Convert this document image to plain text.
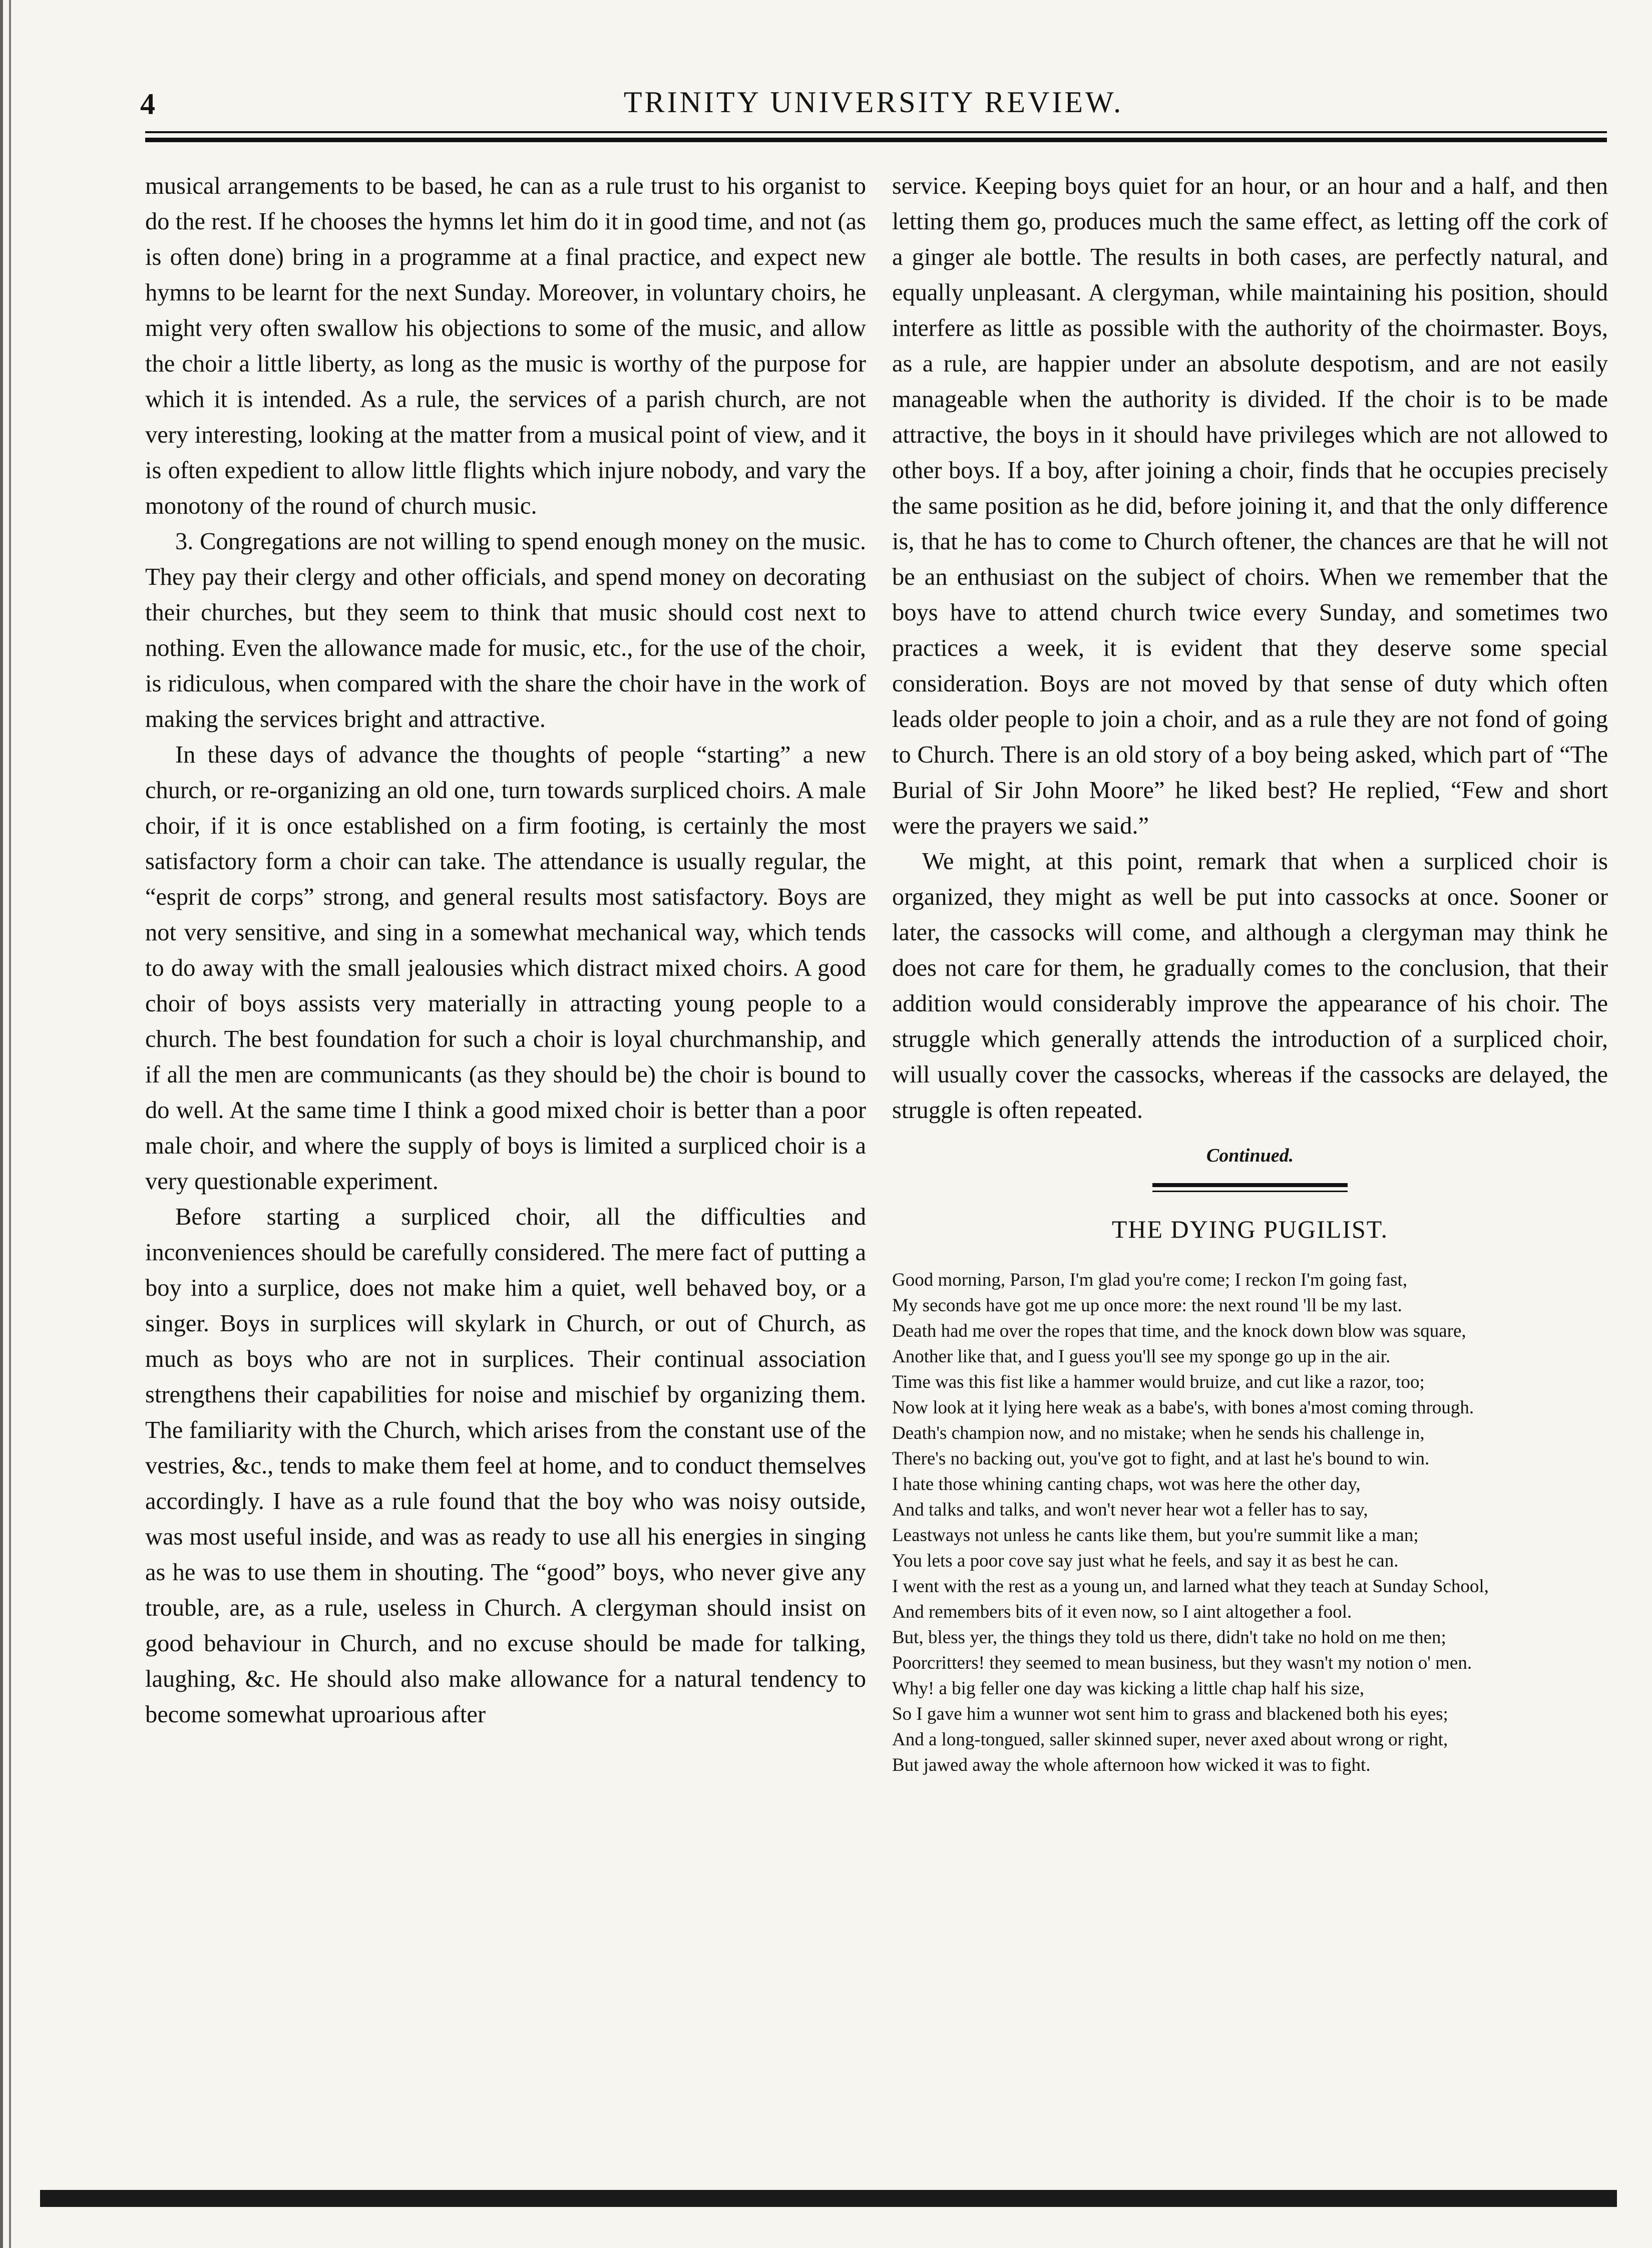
4	TRINITY UNIVERSITY REVIEW.

musical arrangements to be based, he can as a rule trust to his organist to do the rest. If he chooses the hymns let him do it in good time, and not (as is often done) bring in a programme at a final practice, and expect new hymns to be learnt for the next Sunday. Moreover, in voluntary choirs, he might very often swallow his objections to some of the music, and allow the choir a little liberty, as long as the music is worthy of the purpose for which it is intended. As a rule, the services of a parish church, are not very interesting, looking at the matter from a musical point of view, and it is often expedient to allow little flights which injure nobody, and vary the monotony of the round of church music.

3. Congregations are not willing to spend enough money on the music. They pay their clergy and other officials, and spend money on decorating their churches, but they seem to think that music should cost next to nothing. Even the allowance made for music, etc., for the use of the choir, is ridiculous, when compared with the share the choir have in the work of making the services bright and attractive.

In these days of advance the thoughts of people “starting” a new church, or re-organizing an old one, turn towards surpliced choirs. A male choir, if it is once established on a firm footing, is certainly the most satisfactory form a choir can take. The attendance is usually regular, the “esprit de corps” strong, and general results most satisfactory. Boys are not very sensitive, and sing in a somewhat mechanical way, which tends to do away with the small jealousies which distract mixed choirs. A good choir of boys assists very materially in attracting young people to a church. The best foundation for such a choir is loyal churchmanship, and if all the men are communicants (as they should be) the choir is bound to do well. At the same time I think a good mixed choir is better than a poor male choir, and where the supply of boys is limited a surpliced choir is a very questionable experiment.

Before starting a surpliced choir, all the difficulties and inconveniences should be carefully considered. The mere fact of putting a boy into a surplice, does not make him a quiet, well behaved boy, or a singer. Boys in surplices will skylark in Church, or out of Church, as much as boys who are not in surplices. Their continual association strengthens their capabilities for noise and mischief by organizing them. The familiarity with the Church, which arises from the constant use of the vestries, &c., tends to make them feel at home, and to conduct themselves accordingly. I have as a rule found that the boy who was noisy outside, was most useful inside, and was as ready to use all his energies in singing as he was to use them in shouting. The “good” boys, who never give any trouble, are, as a rule, useless in Church. A clergyman should insist on good behaviour in Church, and no excuse should be made for talking, laughing, &c. He should also make allowance for a natural tendency to become somewhat uproarious after

service. Keeping boys quiet for an hour, or an hour and a half, and then letting them go, produces much the same effect, as letting off the cork of a ginger ale bottle. The results in both cases, are perfectly natural, and equally unpleasant. A clergyman, while maintaining his position, should interfere as little as possible with the authority of the choirmaster. Boys, as a rule, are happier under an absolute despotism, and are not easily manageable when the authority is divided. If the choir is to be made attractive, the boys in it should have privileges which are not allowed to other boys. If a boy, after joining a choir, finds that he occupies precisely the same position as he did, before joining it, and that the only difference is, that he has to come to Church oftener, the chances are that he will not be an enthusiast on the subject of choirs. When we remember that the boys have to attend church twice every Sunday, and sometimes two practices a week, it is evident that they deserve some special consideration. Boys are not moved by that sense of duty which often leads older people to join a choir, and as a rule they are not fond of going to Church. There is an old story of a boy being asked, which part of “The Burial of Sir John Moore” he liked best? He replied, “Few and short were the prayers we said.”

We might, at this point, remark that when a surpliced choir is organized, they might as well be put into cassocks at once. Sooner or later, the cassocks will come, and although a clergyman may think he does not care for them, he gradually comes to the conclusion, that their addition would considerably improve the appearance of his choir. The struggle which generally attends the introduction of a surpliced choir, will usually cover the cassocks, whereas if the cassocks are delayed, the struggle is often repeated.

Continued.
THE DYING PUGILIST.
Good morning, Parson, I'm glad you're come; I reckon I'm going fast,
My seconds have got me up once more: the next round 'll be my last.
Death had me over the ropes that time, and the knock down blow was square,
Another like that, and I guess you'll see my sponge go up in the air.
Time was this fist like a hammer would bruize, and cut like a razor, too;
Now look at it lying here weak as a babe's, with bones a'most coming through.
Death's champion now, and no mistake; when he sends his challenge in,
There's no backing out, you've got to fight, and at last he's bound to win.
I hate those whining canting chaps, wot was here the other day,
And talks and talks, and won't never hear wot a feller has to say,
Leastways not unless he cants like them, but you're summit like a man;
You lets a poor cove say just what he feels, and say it as best he can.
I went with the rest as a young un, and larned what they teach at Sunday School,
And remembers bits of it even now, so I aint altogether a fool.
But, bless yer, the things they told us there, didn't take no hold on me then;
Poorcritters! they seemed to mean business, but they wasn't my notion o' men.
Why! a big feller one day was kicking a little chap half his size,
So I gave him a wunner wot sent him to grass and blackened both his eyes;
And a long-tongued, saller skinned super, never axed about wrong or right,
But jawed away the whole afternoon how wicked it was to fight.
